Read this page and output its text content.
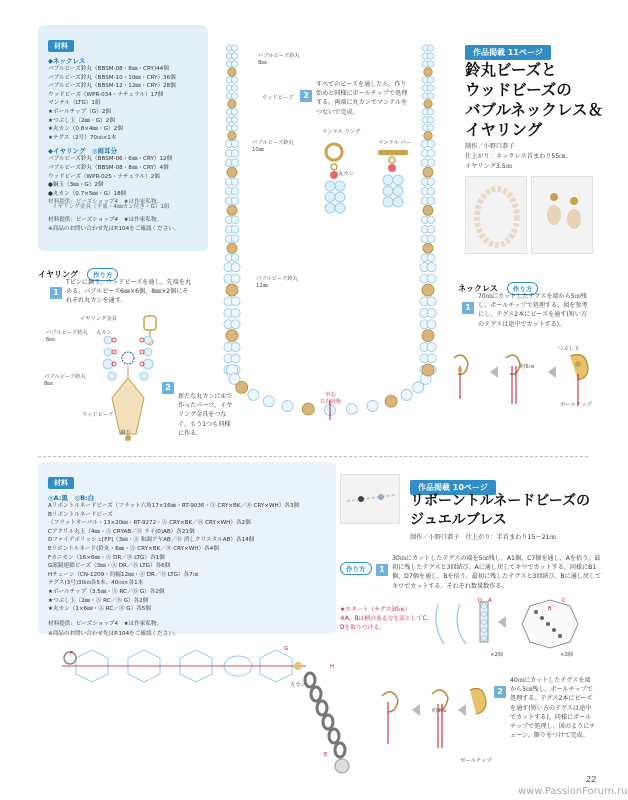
材料
◆ネックレス
バブルビーズ鈴丸（BBSM-08・8㎜・CRY)44個
バブルビーズ鈴丸（BBSM-10・10㎜・CRY）36個
バブルビーズ鈴丸（BBSM-12・12㎜・CRY）28個
ウッドビーズ（WPR-034・ナチュラル）17個
マンテル（LTG）1組
★ボールチップ（G）2個
★つぶし玉（2㎜・G）2個
★丸カン（0.8×4㎜・G）2個
★テグス（2号）70㎝×1本
◆イヤリング　◎両耳分
バブルビーズ鈴丸（BBSM-06・6㎜・CRY）12個
バブルビーズ鈴丸（BBSM-08・8㎜・CRY）4個
ウッドビーズ（WPR-025・ナチュラル）2個
●銅玉（3㎜・G）2個
●丸カン（0.7×5㎜・G）18個
材料提供：ビーズショップ4　★は作家私物。
イヤリング金具（平皿・4㎜カン付き・G）1組
材料提供：ビーズショップ4　★は作家私物。
※商品のお問い合わせ先はP.104をご確認ください。
バブルビーズ鈴丸
8㎜
ウッドビーズ
バブルビーズ鈴丸
10㎜
バブルビーズ鈴丸
12㎜
中心
左右対称
2
すべてのビーズを通したら、作り始めと同様にボールチップで処理する。両端に丸カンでマンテルをつないで完成。
マンテル リング
マンテル バー
丸カン
作品掲載 11ページ
鈴丸ビーズと
ウッドビーズの
バブルネックレス＆
イヤリング
制作／小野口恭子
仕上がり：ネックレス首まわり55㎝、
イヤリング3.5㎝
イヤリング 作り方
1
Tピンに銅玉、ウッドビーズを通し、先端を丸める。バブルビーズ6㎜×6個、8㎜×2個にそれぞれ丸カンを通す。
イヤリング金具
丸カン
バブルビーズ鈴丸
6㎜
バブルビーズ鈴丸
8㎜
ウッドビーズ
銅玉
2
新たな丸カンに①で作ったパーツ、イヤリング金具をつなぐ。もう1つも同様に作る。
ネックレス 作り方
1
70㎝にカットしたテグスを端から5㎝残し、ボールチップで処理する。図を参考にし、テグス2本にビーズを通す(短い方のテグスは途中でカットする)。
つぶし玉
約5㎝
ボールチップ
材料
◎A:黒　◎B:白
Aリボントルネードビーズ（フラット六角17×16㎜・RT-9036・Ⓐ CRY×BK／Ⓑ CRY×WH）各3個
Bリボントルネードビーズ
（フラットオーバル・13×20㎜・RT-9272・Ⓐ CRY×BK／Ⓑ CRY×WH）各2個
Cアクリル丸玉（4㎜・Ⓐ CRYAB／Ⓑ ライ(0)AB）各21個
Dファイアポリッシュ[FP]（3㎜・Ⓐ 和調アヤAB／Ⓑ 消しクリスタルAB）各14個
Eリボントルネード(鈴丸・6㎜・Ⓐ CRY×BK／Ⓑ CRY×WH）各4個
Fカニカン（16×6㎜・Ⓐ DR／Ⓑ LTG）各1個
G眼鏡連鎖ビーズ（3㎜・Ⓐ DR／Ⓑ LTG）各6個
Hチェーン（CN-1209・約幅12㎜・Ⓐ DR／Ⓑ LTG）各7㎝
テグス(3号)30㎝各5本、40㎝×各1本
★ボールチップ（3.5㎜・Ⓐ RC／Ⓑ G）各2個
★つぶし玉（2㎜・Ⓐ RC／Ⓑ G）各2個
★丸カン（1×6㎜・Ⓐ RC／Ⓑ G）各5個
材料提供：ビーズショップ4　★は作家私物。
※商品のお問い合わせ先はP.104をご確認ください。
作品掲載 10ページ
リボーントルネードビーズの
ジュエルブレス
制作／小野口恭子　仕上がり：手首まわり15～21㎝
作り方	1
30㎝にカットしたテグスの端を5㎝残し、A1個、C7個を通し、Aを拾う。最初に残したテグスと3回結び、Aに通し戻してキワでカットする。同様にB1個、D7個を通し、Bを拾う。最初に残したテグスと3回結び、Bに通し戻してキワでカットする。それぞれ数量数作る。
★スタート（テグス30㎝）
※A、Bは柄のある方を表としてC、Dを取りつける。
D A	C
B
×2個	×3個
F
G
H
E
丸カン
約5㎝
ボールチップ
2
40㎝にカットしたテグスを端から5㎝残し、ボールチップで処理する。テグス2本にビーズを通す(短い方のテグスは途中でカットする)。同様にボールチップで処理し、図のようにチェーン、飾りをつけて完成。
22
www.PassionForum.ru
